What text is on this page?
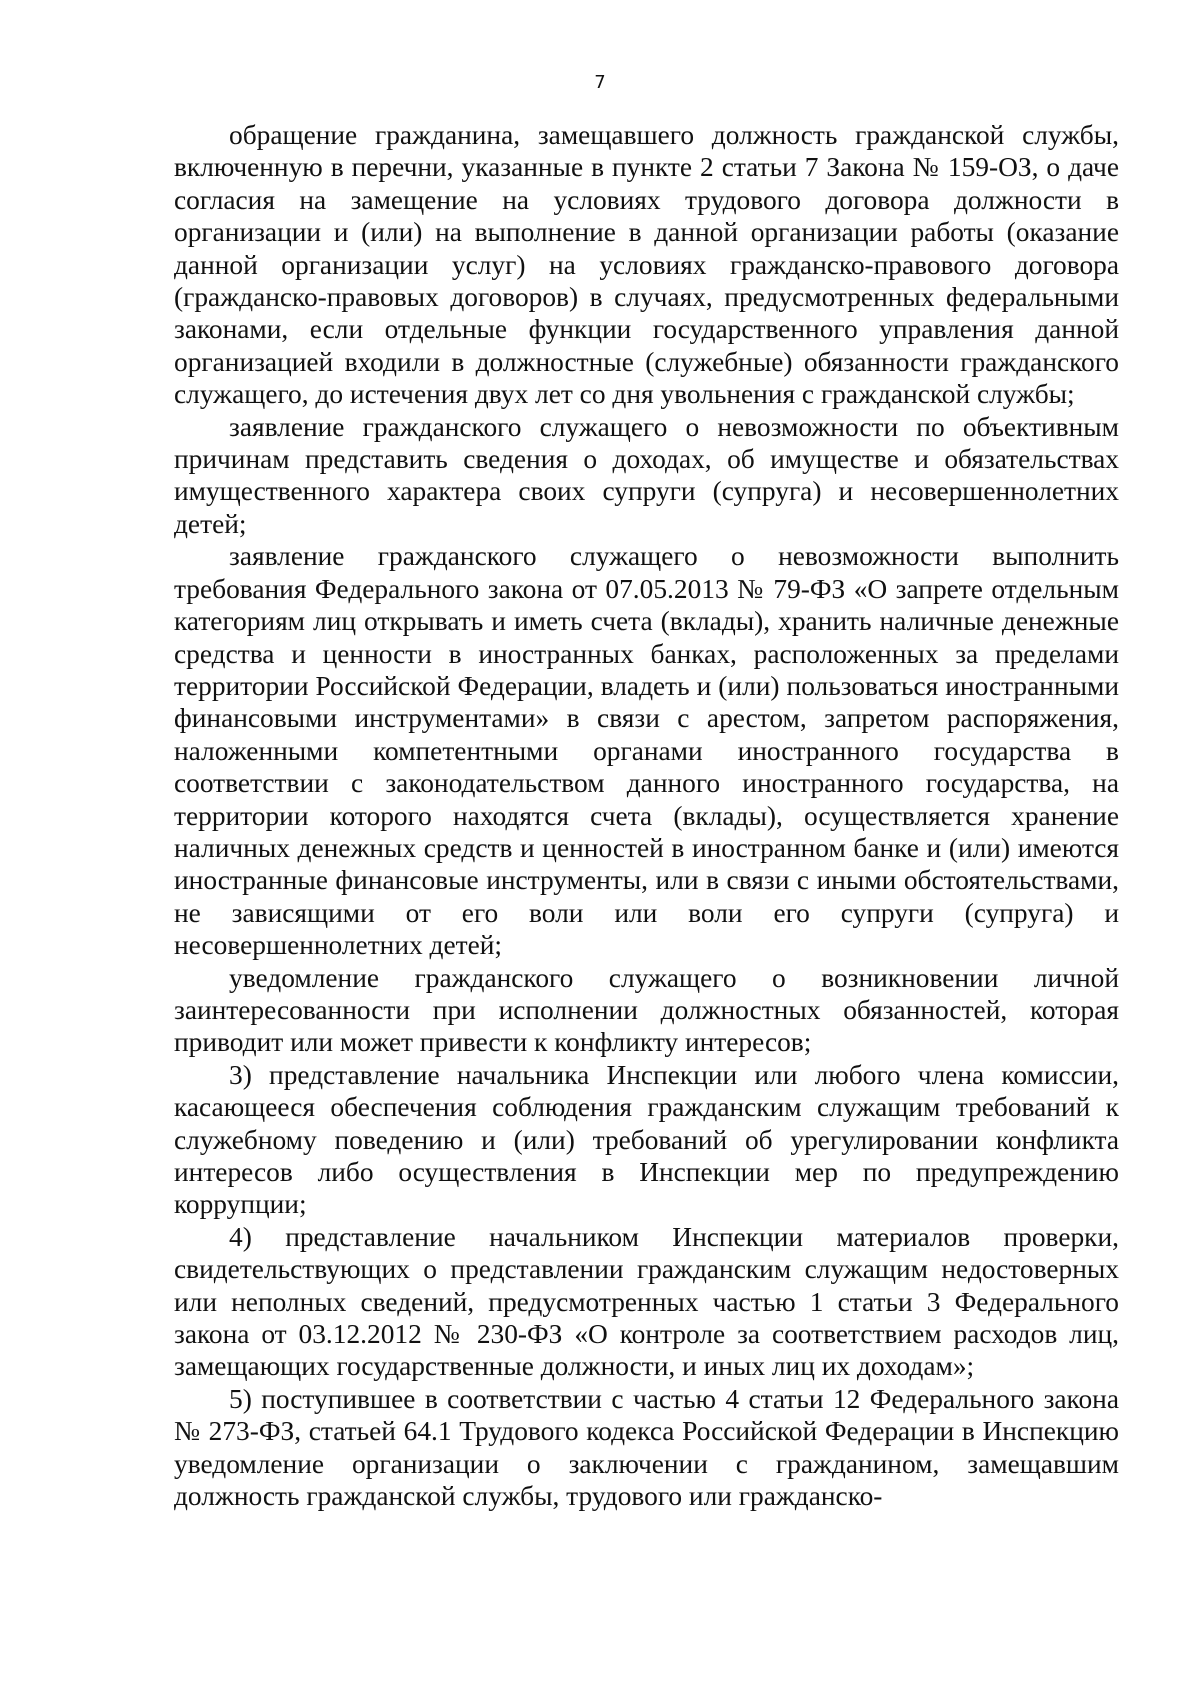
7

обращение гражданина, замещавшего должность гражданской службы, включенную в перечни, указанные в пункте 2 статьи 7 Закона № 159-ОЗ, о даче согласия на замещение на условиях трудового договора должности в организации и (или) на выполнение в данной организации работы (оказание данной организации услуг) на условиях гражданско-правового договора (гражданско-правовых договоров) в случаях, предусмотренных федеральными законами, если отдельные функции государственного управления данной организацией входили в должностные (служебные) обязанности гражданского служащего, до истечения двух лет со дня увольнения с гражданской службы;

заявление гражданского служащего о невозможности по объективным причинам представить сведения о доходах, об имуществе и обязательствах имущественного характера своих супруги (супруга) и несовершеннолетних детей;

заявление гражданского служащего о невозможности выполнить требования Федерального закона от 07.05.2013 № 79-ФЗ «О запрете отдельным категориям лиц открывать и иметь счета (вклады), хранить наличные денежные средства и ценности в иностранных банках, расположенных за пределами территории Российской Федерации, владеть и (или) пользоваться иностранными финансовыми инструментами» в связи с арестом, запретом распоряжения, наложенными компетентными органами иностранного государства в соответствии с законодательством данного иностранного государства, на территории которого находятся счета (вклады), осуществляется хранение наличных денежных средств и ценностей в иностранном банке и (или) имеются иностранные финансовые инструменты, или в связи с иными обстоятельствами, не зависящими от его воли или воли его супруги (супруга) и несовершеннолетних детей;

уведомление гражданского служащего о возникновении личной заинтересованности при исполнении должностных обязанностей, которая приводит или может привести к конфликту интересов;

3) представление начальника Инспекции или любого члена комиссии, касающееся обеспечения соблюдения гражданским служащим требований к служебному поведению и (или) требований об урегулировании конфликта интересов либо осуществления в Инспекции мер по предупреждению коррупции;

4) представление начальником Инспекции материалов проверки, свидетельствующих о представлении гражданским служащим недостоверных или неполных сведений, предусмотренных частью 1 статьи 3 Федерального закона от 03.12.2012 № 230-ФЗ «О контроле за соответствием расходов лиц, замещающих государственные должности, и иных лиц их доходам»;

5) поступившее в соответствии с частью 4 статьи 12 Федерального закона № 273-ФЗ, статьей 64.1 Трудового кодекса Российской Федерации в Инспекцию уведомление организации о заключении с гражданином, замещавшим должность гражданской службы, трудового или гражданско-
